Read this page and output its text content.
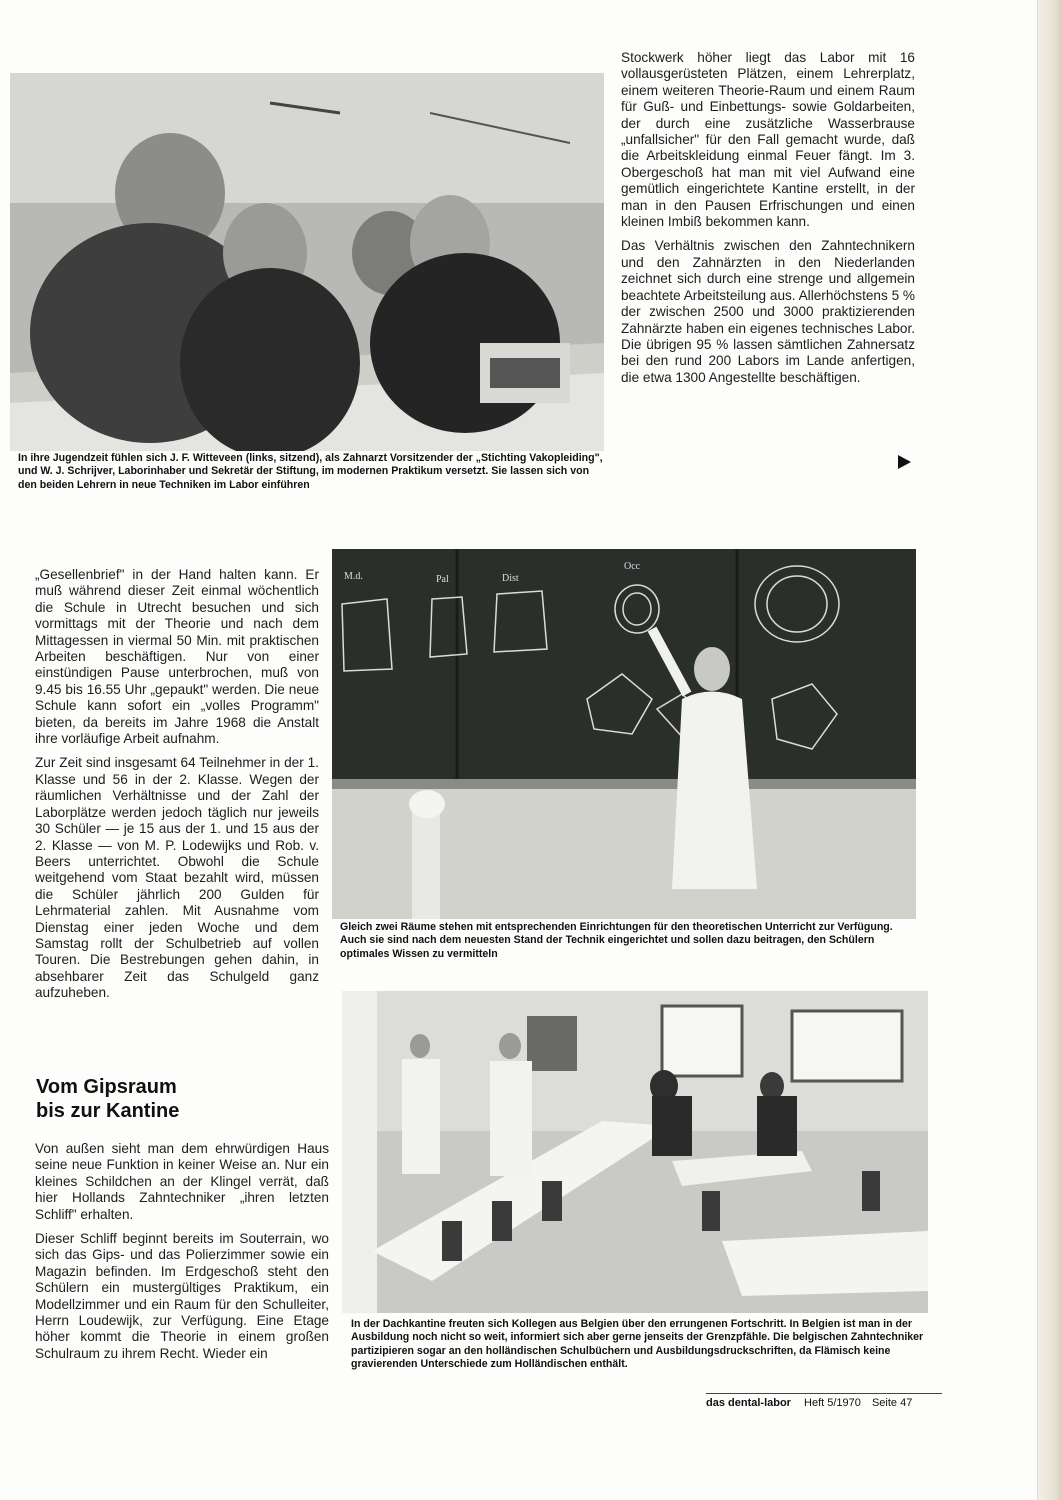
In ihre Jugendzeit fühlen sich J. F. Witteveen (links, sitzend), als Zahnarzt Vorsitzender der „Stichting Vakopleiding", und W. J. Schrijver, Laborinhaber und Sekretär der Stiftung, im modernen Praktikum versetzt. Sie lassen sich von den beiden Lehrern in neue Techniken im Labor einführen

Stockwerk höher liegt das Labor mit 16 vollausgerüsteten Plätzen, einem Lehrerplatz, einem weiteren Theorie-Raum und einem Raum für Guß- und Einbettungs- sowie Goldarbeiten, der durch eine zusätzliche Wasserbrause „unfallsicher" für den Fall gemacht wurde, daß die Arbeitskleidung einmal Feuer fängt. Im 3. Obergeschoß hat man mit viel Aufwand eine gemütlich eingerichtete Kantine erstellt, in der man in den Pausen Erfrischungen und einen kleinen Imbiß bekommen kann.

Das Verhältnis zwischen den Zahntechnikern und den Zahnärzten in den Niederlanden zeichnet sich durch eine strenge und allgemein beachtete Arbeitsteilung aus. Allerhöchstens 5 % der zwischen 2500 und 3000 praktizierenden Zahnärzte haben ein eigenes technisches Labor. Die übrigen 95 % lassen sämtlichen Zahnersatz bei den rund 200 Labors im Lande anfertigen, die etwa 1300 Angestellte beschäftigen.

„Gesellenbrief" in der Hand halten kann. Er muß während dieser Zeit einmal wöchentlich die Schule in Utrecht besuchen und sich vormittags mit der Theorie und nach dem Mittagessen in viermal 50 Min. mit praktischen Arbeiten beschäftigen. Nur von einer einstündigen Pause unterbrochen, muß von 9.45 bis 16.55 Uhr „gepaukt" werden. Die neue Schule kann sofort ein „volles Programm" bieten, da bereits im Jahre 1968 die Anstalt ihre vorläufige Arbeit aufnahm.

Zur Zeit sind insgesamt 64 Teilnehmer in der 1. Klasse und 56 in der 2. Klasse. Wegen der räumlichen Verhältnisse und der Zahl der Laborplätze werden jedoch täglich nur jeweils 30 Schüler — je 15 aus der 1. und 15 aus der 2. Klasse — von M. P. Lodewijks und Rob. v. Beers unterrichtet. Obwohl die Schule weitgehend vom Staat bezahlt wird, müssen die Schüler jährlich 200 Gulden für Lehrmaterial zahlen. Mit Ausnahme vom Dienstag einer jeden Woche und dem Samstag rollt der Schulbetrieb auf vollen Touren. Die Bestrebungen gehen dahin, in absehbarer Zeit das Schulgeld ganz aufzuheben.

M.d.	Pal	Dist
Occ
Gleich zwei Räume stehen mit entsprechenden Einrichtungen für den theoretischen Unterricht zur Verfügung. Auch sie sind nach dem neuesten Stand der Technik eingerichtet und sollen dazu beitragen, den Schülern optimales Wissen zu vermitteln
Vom Gipsraum
bis zur Kantine

Von außen sieht man dem ehrwürdigen Haus seine neue Funktion in keiner Weise an. Nur ein kleines Schildchen an der Klingel verrät, daß hier Hollands Zahntechniker „ihren letzten Schliff" erhalten.

Dieser Schliff beginnt bereits im Souterrain, wo sich das Gips- und das Polierzimmer sowie ein Magazin befinden. Im Erdgeschoß steht den Schülern ein mustergültiges Praktikum, ein Modellzimmer und ein Raum für den Schulleiter, Herrn Loudewijk, zur Verfügung. Eine Etage höher kommt die Theorie in einem großen Schulraum zu ihrem Recht. Wieder ein

In der Dachkantine freuten sich Kollegen aus Belgien über den errungenen Fortschritt. In Belgien ist man in der Ausbildung noch nicht so weit, informiert sich aber gerne jenseits der Grenzpfähle. Die belgischen Zahntechniker partizipieren sogar an den holländischen Schulbüchern und Ausbildungsdruckschriften, da Flämisch keine gravierenden Unterschiede zum Holländischen enthält.
das dental-labor Heft 5/1970 Seite 47
